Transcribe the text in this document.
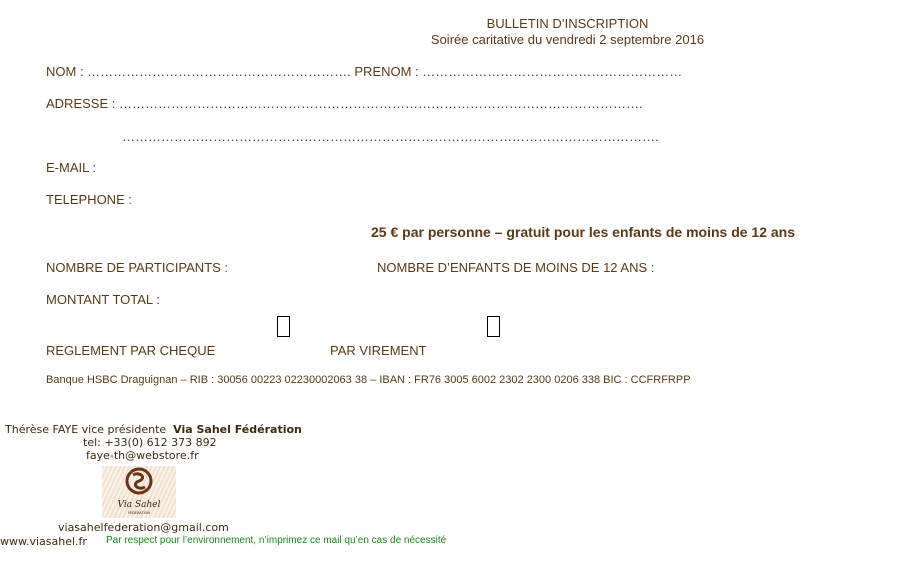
BULLETIN D’INSCRIPTION
Soirée caritative du vendredi 2 septembre 2016
NOM : ……………………………………………………. PRENOM : ……………………………………………………
ADRESSE : ………………………………………………………………………………………………………….
…………………………………………………………………………………………………………….
E-MAIL :
TELEPHONE :
25 € par personne – gratuit pour les enfants de moins de 12 ans
NOMBRE DE PARTICIPANTS :	NOMBRE D’ENFANTS DE MOINS DE 12 ANS :
MONTANT TOTAL :
REGLEMENT PAR CHEQUE	PAR VIREMENT
Banque HSBC Draguignan – RIB : 30056 00223 02230002063 38 – IBAN : FR76 3005 6002 2302 2300 0206 338 BIC : CCFRFRPP
Thérèse FAYE vice présidente Via Sahel Fédération
tel: +33(0) 612 373 892
faye-th@webstore.fr
Via Sahel
FEDERATION
viasahelfederation@gmail.com
www.viasahel.fr Par respect pour l’environnement, n’imprimez ce mail qu’en cas de nécessité
